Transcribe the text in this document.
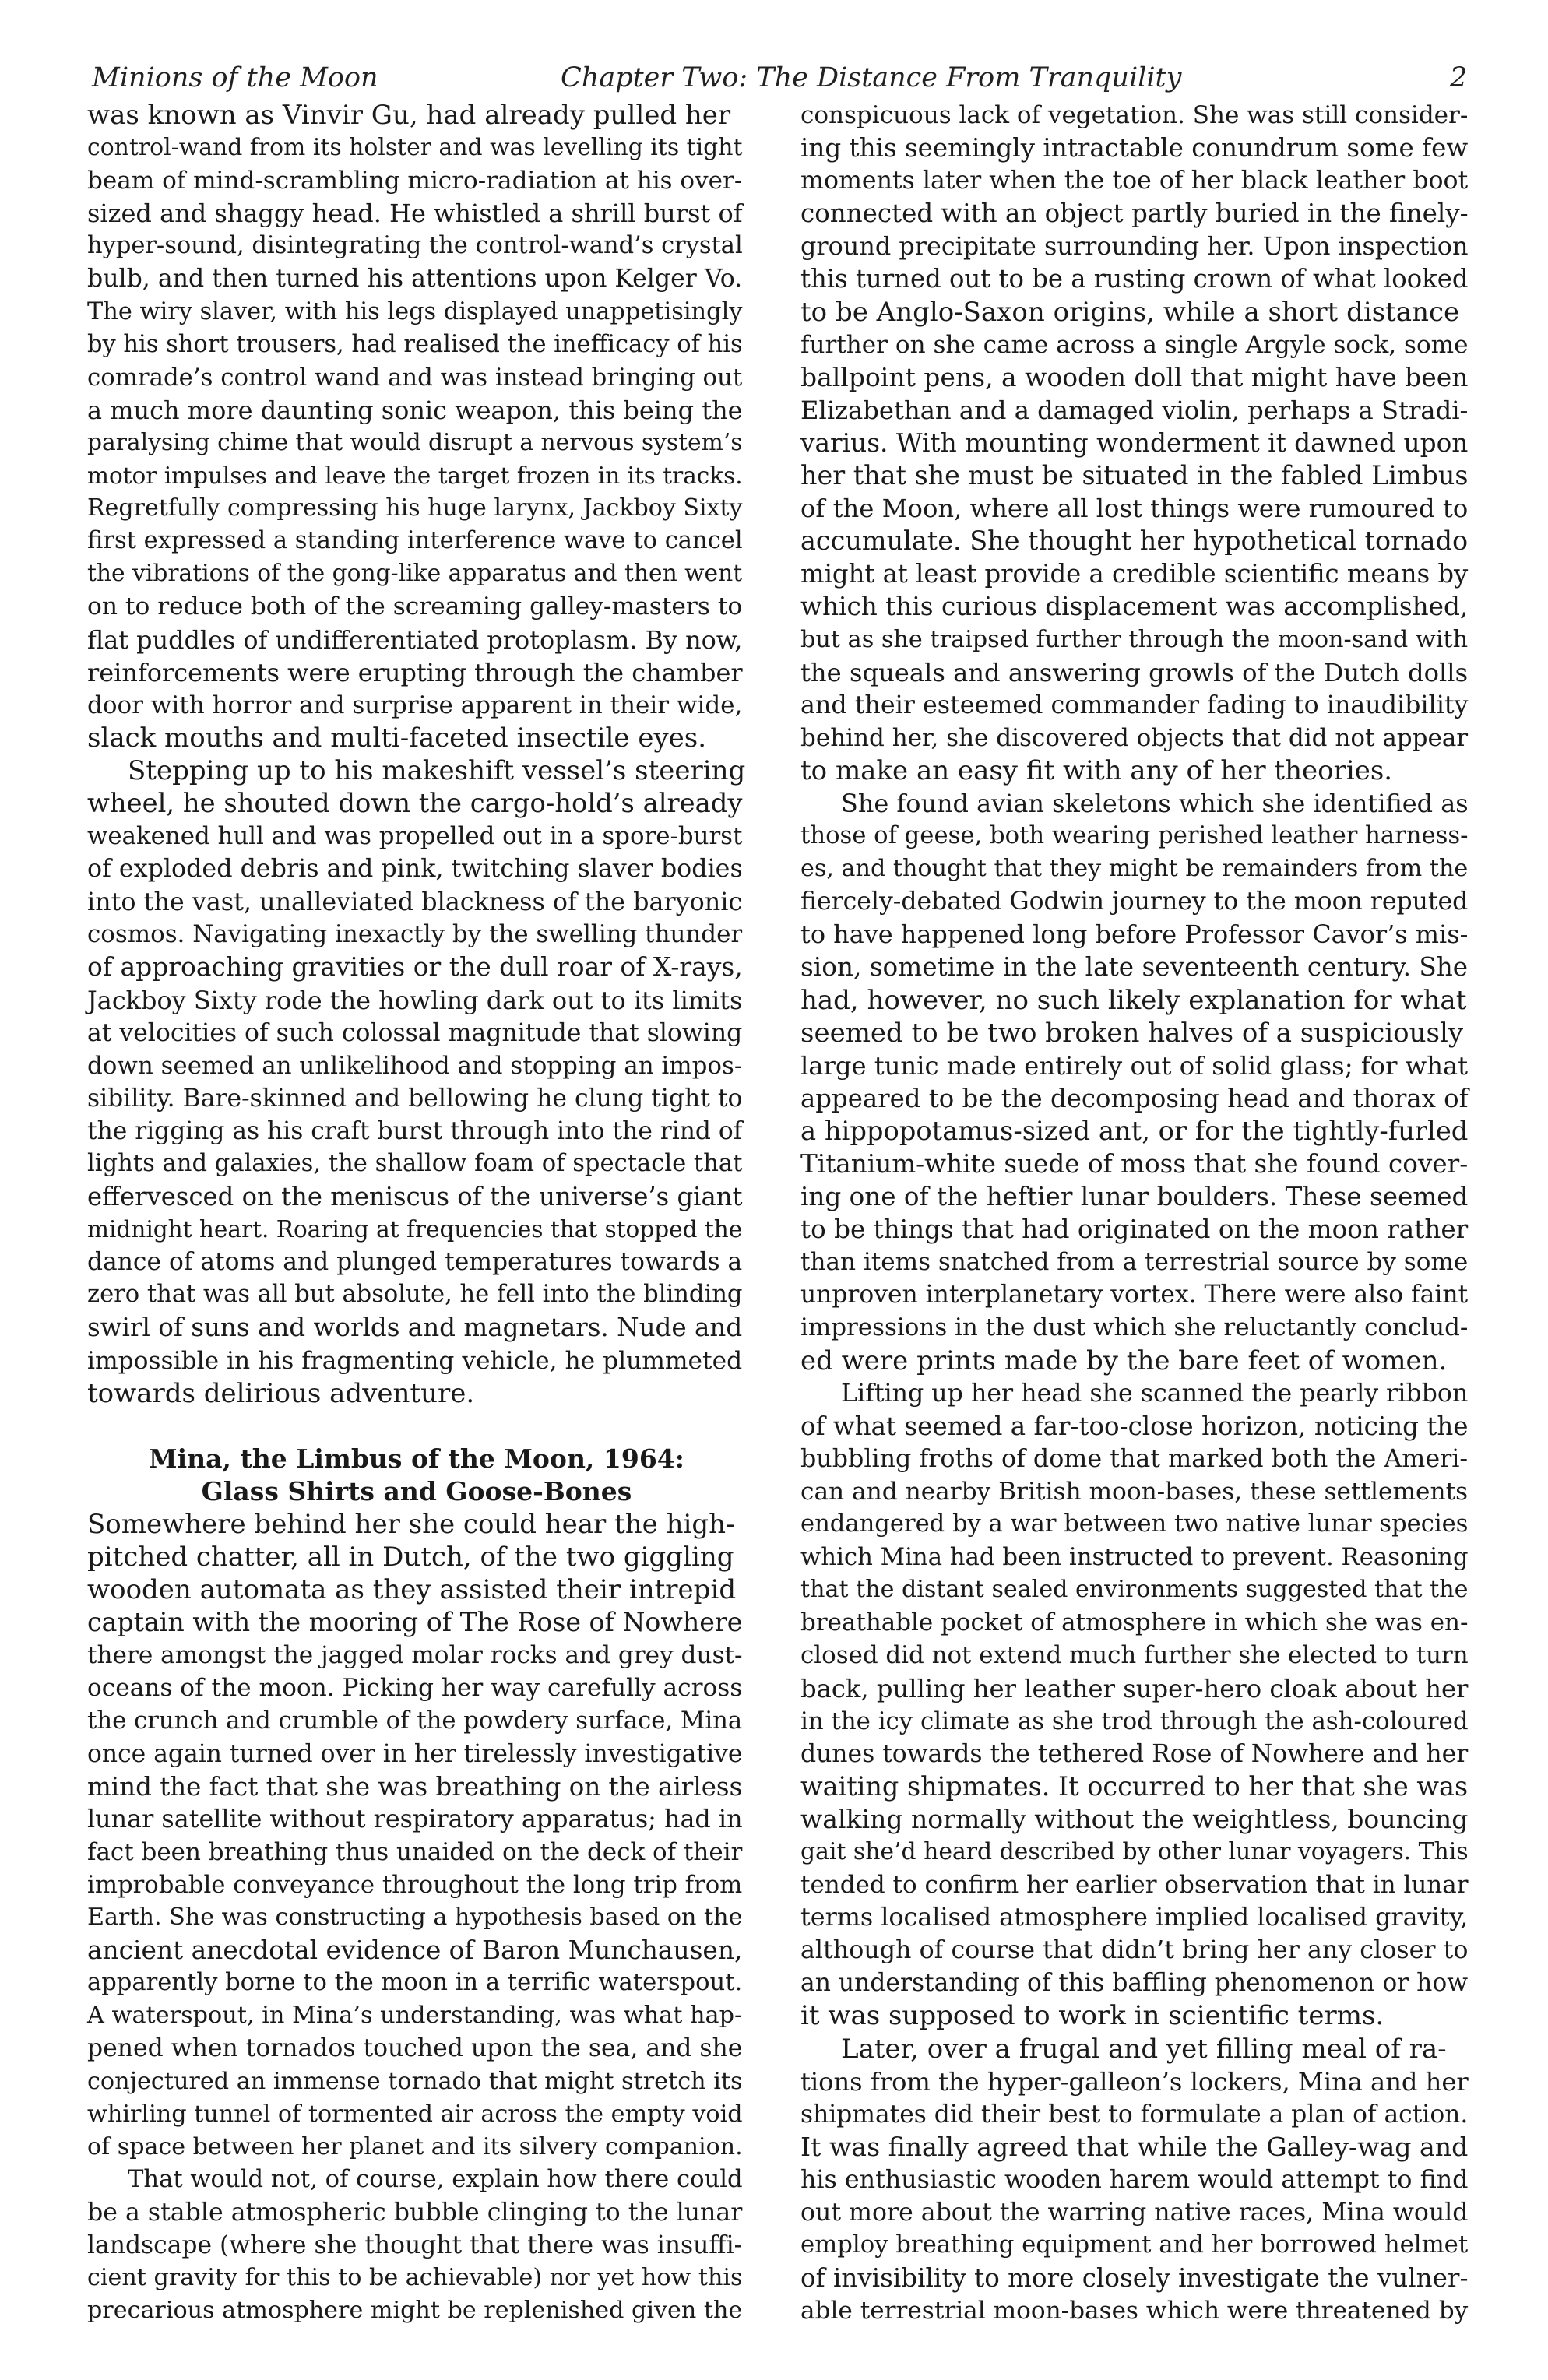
Minions of the Moon	Chapter Two: The Distance From Tranquility	2
was known as Vinvir Gu, had already pulled her
control-wand from its holster and was levelling its tight
beam of mind-scrambling micro-radiation at his over-
sized and shaggy head. He whistled a shrill burst of
hyper-sound, disintegrating the control-wand’s crystal
bulb, and then turned his attentions upon Kelger Vo.
The wiry slaver, with his legs displayed unappetisingly
by his short trousers, had realised the inefficacy of his
comrade’s control wand and was instead bringing out
a much more daunting sonic weapon, this being the
paralysing chime that would disrupt a nervous system’s
motor impulses and leave the target frozen in its tracks.
Regretfully compressing his huge larynx, Jackboy Sixty
first expressed a standing interference wave to cancel
the vibrations of the gong-like apparatus and then went
on to reduce both of the screaming galley-masters to
flat puddles of undifferentiated protoplasm. By now,
reinforcements were erupting through the chamber
door with horror and surprise apparent in their wide,
slack mouths and multi-faceted insectile eyes.
Stepping up to his makeshift vessel’s steering
wheel, he shouted down the cargo-hold’s already
weakened hull and was propelled out in a spore-burst
of exploded debris and pink, twitching slaver bodies
into the vast, unalleviated blackness of the baryonic
cosmos. Navigating inexactly by the swelling thunder
of approaching gravities or the dull roar of X-rays,
Jackboy Sixty rode the howling dark out to its limits
at velocities of such colossal magnitude that slowing
down seemed an unlikelihood and stopping an impos-
sibility. Bare-skinned and bellowing he clung tight to
the rigging as his craft burst through into the rind of
lights and galaxies, the shallow foam of spectacle that
effervesced on the meniscus of the universe’s giant
midnight heart. Roaring at frequencies that stopped the
dance of atoms and plunged temperatures towards a
zero that was all but absolute, he fell into the blinding
swirl of suns and worlds and magnetars. Nude and
impossible in his fragmenting vehicle, he plummeted
towards delirious adventure.
Mina, the Limbus of the Moon, 1964:
Glass Shirts and Goose-Bones
Somewhere behind her she could hear the high-
pitched chatter, all in Dutch, of the two giggling
wooden automata as they assisted their intrepid
captain with the mooring of The Rose of Nowhere
there amongst the jagged molar rocks and grey dust-
oceans of the moon. Picking her way carefully across
the crunch and crumble of the powdery surface, Mina
once again turned over in her tirelessly investigative
mind the fact that she was breathing on the airless
lunar satellite without respiratory apparatus; had in
fact been breathing thus unaided on the deck of their
improbable conveyance throughout the long trip from
Earth. She was constructing a hypothesis based on the
ancient anecdotal evidence of Baron Munchausen,
apparently borne to the moon in a terrific waterspout.
A waterspout, in Mina’s understanding, was what hap-
pened when tornados touched upon the sea, and she
conjectured an immense tornado that might stretch its
whirling tunnel of tormented air across the empty void
of space between her planet and its silvery companion.
That would not, of course, explain how there could
be a stable atmospheric bubble clinging to the lunar
landscape (where she thought that there was insuffi-
cient gravity for this to be achievable) nor yet how this
precarious atmosphere might be replenished given the
conspicuous lack of vegetation. She was still consider-
ing this seemingly intractable conundrum some few
moments later when the toe of her black leather boot
connected with an object partly buried in the finely-
ground precipitate surrounding her. Upon inspection
this turned out to be a rusting crown of what looked
to be Anglo-Saxon origins, while a short distance
further on she came across a single Argyle sock, some
ballpoint pens, a wooden doll that might have been
Elizabethan and a damaged violin, perhaps a Stradi-
varius. With mounting wonderment it dawned upon
her that she must be situated in the fabled Limbus
of the Moon, where all lost things were rumoured to
accumulate. She thought her hypothetical tornado
might at least provide a credible scientific means by
which this curious displacement was accomplished,
but as she traipsed further through the moon-sand with
the squeals and answering growls of the Dutch dolls
and their esteemed commander fading to inaudibility
behind her, she discovered objects that did not appear
to make an easy fit with any of her theories.
She found avian skeletons which she identified as
those of geese, both wearing perished leather harness-
es, and thought that they might be remainders from the
fiercely-debated Godwin journey to the moon reputed
to have happened long before Professor Cavor’s mis-
sion, sometime in the late seventeenth century. She
had, however, no such likely explanation for what
seemed to be two broken halves of a suspiciously
large tunic made entirely out of solid glass; for what
appeared to be the decomposing head and thorax of
a hippopotamus-sized ant, or for the tightly-furled
Titanium-white suede of moss that she found cover-
ing one of the heftier lunar boulders. These seemed
to be things that had originated on the moon rather
than items snatched from a terrestrial source by some
unproven interplanetary vortex. There were also faint
impressions in the dust which she reluctantly conclud-
ed were prints made by the bare feet of women.
Lifting up her head she scanned the pearly ribbon
of what seemed a far-too-close horizon, noticing the
bubbling froths of dome that marked both the Ameri-
can and nearby British moon-bases, these settlements
endangered by a war between two native lunar species
which Mina had been instructed to prevent. Reasoning
that the distant sealed environments suggested that the
breathable pocket of atmosphere in which she was en-
closed did not extend much further she elected to turn
back, pulling her leather super-hero cloak about her
in the icy climate as she trod through the ash-coloured
dunes towards the tethered Rose of Nowhere and her
waiting shipmates. It occurred to her that she was
walking normally without the weightless, bouncing
gait she’d heard described by other lunar voyagers. This
tended to confirm her earlier observation that in lunar
terms localised atmosphere implied localised gravity,
although of course that didn’t bring her any closer to
an understanding of this baffling phenomenon or how
it was supposed to work in scientific terms.
Later, over a frugal and yet filling meal of ra-
tions from the hyper-galleon’s lockers, Mina and her
shipmates did their best to formulate a plan of action.
It was finally agreed that while the Galley-wag and
his enthusiastic wooden harem would attempt to find
out more about the warring native races, Mina would
employ breathing equipment and her borrowed helmet
of invisibility to more closely investigate the vulner-
able terrestrial moon-bases which were threatened by
